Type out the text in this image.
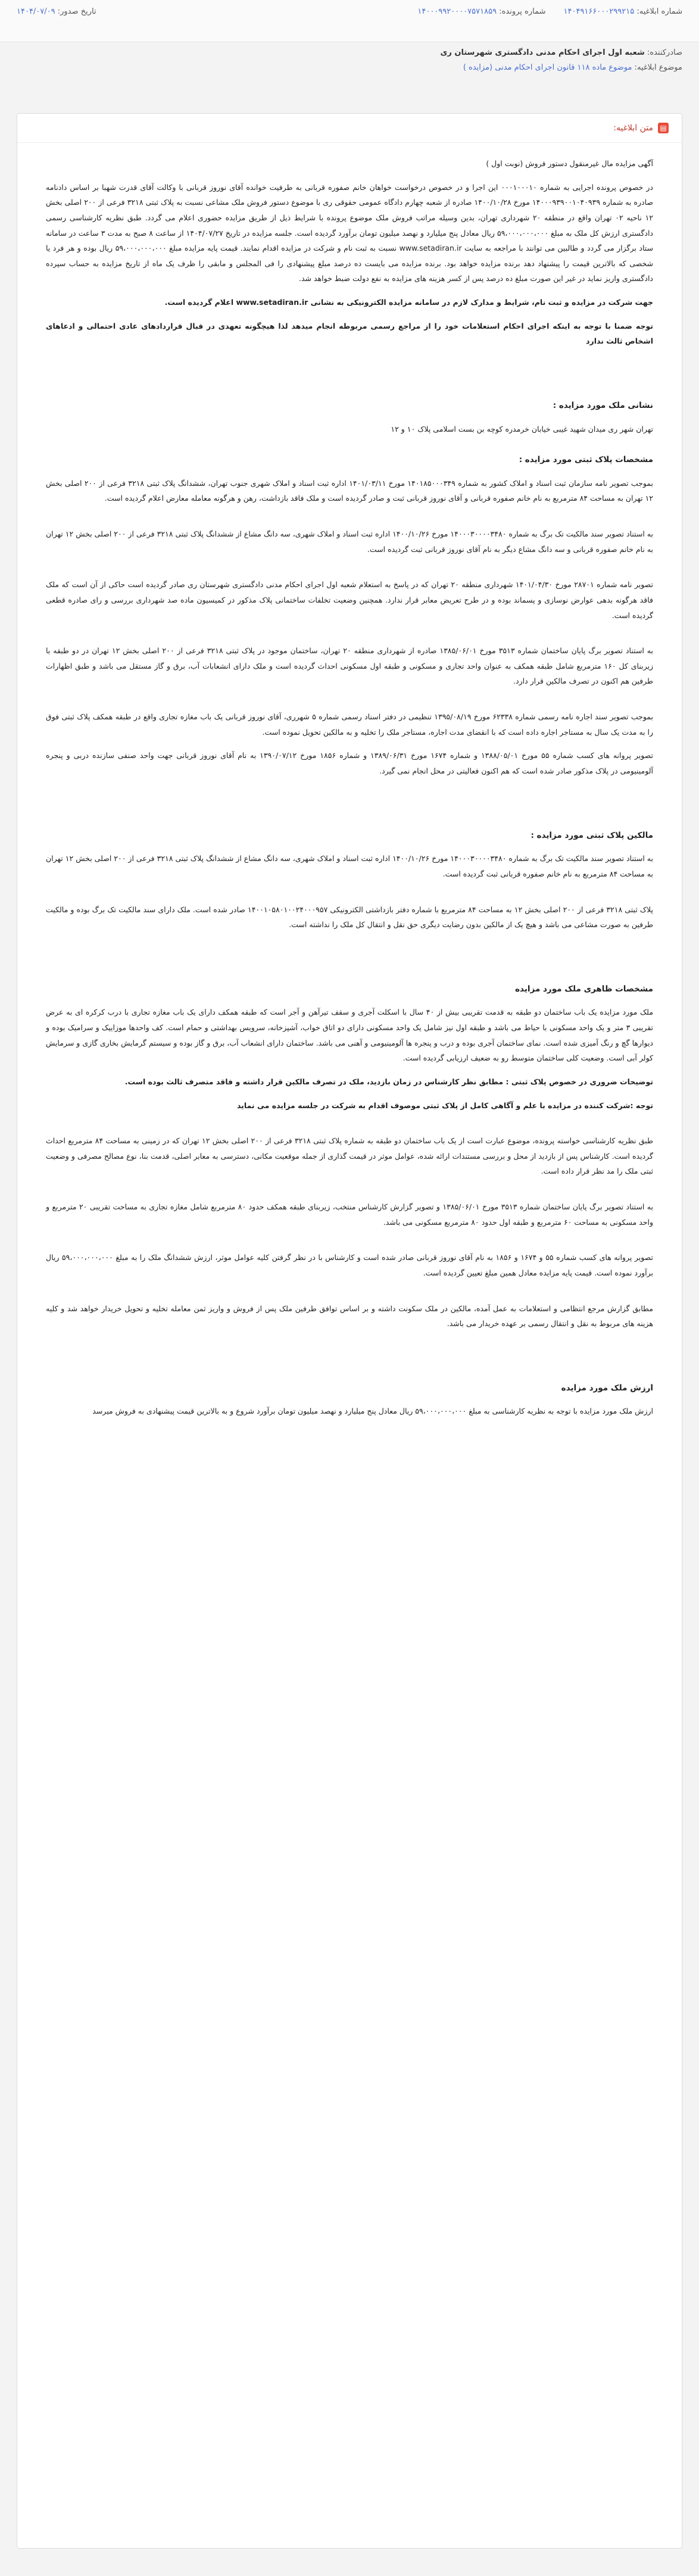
شماره ابلاغیه: ۱۴۰۴۹۱۶۶۰۰۰۲۹۹۲۱۵
شماره پرونده: ۱۴۰۰۰۹۹۲۰۰۰۰۷۵۷۱۸۵۹
تاریخ صدور: ۱۴۰۴/۰۷/۰۹
صادرکننده: شعبه اول اجرای احکام مدنی دادگستری شهرستان ری
موضوع ابلاغیه: موضوع ماده ۱۱۸ قانون اجرای احکام مدنی (مزایده )
▤
متن ابلاغیه:

آگهی مزایده مال غیرمنقول دستور فروش (نوبت اول )

در خصوص پرونده اجرایی به شماره ۰۰۰۱۰۰۰۱۰ این اجرا و در خصوص درخواست خواهان خانم صفوره قربانی به طرفیت خوانده آقای نوروز قربانی با وکالت آقای قدرت شهبا بر اساس دادنامه صادره به شماره ۱۴۰۰۰۹۳۹۰۰۱۰۴۰۹۳۹ مورخ ۱۴۰۰/۱۰/۲۸ صادره از شعبه چهارم دادگاه عمومی حقوقی ری با موضوع دستور فروش ملک مشاعی نسبت به پلاک ثبتی ۳۲۱۸ فرعی از ۲۰۰ اصلی بخش ۱۲ ناحیه ۰۲ تهران واقع در منطقه ۲۰ شهرداری تهران، بدین وسیله مراتب فروش ملک موضوع پرونده با شرایط ذیل از طریق مزایده حضوری اعلام می گردد. طبق نظریه کارشناسی رسمی دادگستری ارزش کل ملک به مبلغ ۵۹،۰۰۰،۰۰۰،۰۰۰ ریال معادل پنج میلیارد و نهصد میلیون تومان برآورد گردیده است. جلسه مزایده در تاریخ ۱۴۰۴/۰۷/۲۷ از ساعت ۸ صبح به مدت ۳ ساعت در سامانه ستاد برگزار می گردد و طالبین می توانند با مراجعه به سایت www.setadiran.ir نسبت به ثبت نام و شرکت در مزایده اقدام نمایند. قیمت پایه مزایده مبلغ ۵۹،۰۰۰،۰۰۰،۰۰۰ ریال بوده و هر فرد یا شخصی که بالاترین قیمت را پیشنهاد دهد برنده مزایده خواهد بود. برنده مزایده می بایست ده درصد مبلغ پیشنهادی را فی المجلس و مابقی را ظرف یک ماه از تاریخ مزایده به حساب سپرده دادگستری واریز نماید در غیر این صورت مبلغ ده درصد پس از کسر هزینه های مزایده به نفع دولت ضبط خواهد شد.

جهت شرکت در مزایده و ثبت نام، شرایط و مدارک لازم در سامانه مزایده الکترونیکی به نشانی www.setadiran.ir اعلام گردیده است.

توجه ضمنا با توجه به اینکه اجرای احکام استعلامات خود را از مراجع رسمی مربوطه انجام میدهد لذا هیچگونه تعهدی در قبال قراردادهای عادی احتمالی و ادعاهای اشخاص ثالث ندارد

نشانی ملک مورد مزایده :

تهران شهر ری میدان شهید غیبی خیابان خرمدره کوچه بن بست اسلامی پلاک ۱۰ و ۱۲

مشخصات پلاک ثبتی مورد مزایده :

بموجب تصویر نامه سازمان ثبت اسناد و املاک کشور به شماره ۱۴۰۱۸۵۰۰۰۳۴۹ مورخ ۱۴۰۱/۰۳/۱۱ اداره ثبت اسناد و املاک شهری جنوب تهران، ششدانگ پلاک ثبتی ۳۲۱۸ فرعی از ۲۰۰ اصلی بخش ۱۲ تهران به مساحت ۸۴ مترمربع به نام خانم صفوره قربانی و آقای نوروز قربانی ثبت و صادر گردیده است و ملک فاقد بازداشت، رهن و هرگونه معامله معارض اعلام گردیده است.

به استناد تصویر سند مالکیت تک برگ به شماره ۱۴۰۰۰۳۰۰۰۰۳۴۸۰ مورخ ۱۴۰۰/۱۰/۲۶ اداره ثبت اسناد و املاک شهری، سه دانگ مشاع از ششدانگ پلاک ثبتی ۳۲۱۸ فرعی از ۲۰۰ اصلی بخش ۱۲ تهران به نام خانم صفوره قربانی و سه دانگ مشاع دیگر به نام آقای نوروز قربانی ثبت گردیده است.

تصویر نامه شماره ۲۸۷۰۱ مورخ ۱۴۰۱/۰۴/۳۰ شهرداری منطقه ۲۰ تهران که در پاسخ به استعلام شعبه اول اجرای احکام مدنی دادگستری شهرستان ری صادر گردیده است حاکی از آن است که ملک فاقد هرگونه بدهی عوارض نوسازی و پسماند بوده و در طرح تعریض معابر قرار ندارد. همچنین وضعیت تخلفات ساختمانی پلاک مذکور در کمیسیون ماده صد شهرداری بررسی و رای صادره قطعی گردیده است.

به استناد تصویر برگ پایان ساختمان شماره ۳۵۱۳ مورخ ۱۳۸۵/۰۶/۰۱ صادره از شهرداری منطقه ۲۰ تهران، ساختمان موجود در پلاک ثبتی ۳۲۱۸ فرعی از ۲۰۰ اصلی بخش ۱۲ تهران در دو طبقه با زیربنای کل ۱۶۰ مترمربع شامل طبقه همکف به عنوان واحد تجاری و مسکونی و طبقه اول مسکونی احداث گردیده است و ملک دارای انشعابات آب، برق و گاز مستقل می باشد و طبق اظهارات طرفین هم اکنون در تصرف مالکین قرار دارد.

بموجب تصویر سند اجاره نامه رسمی شماره ۶۲۳۳۸ مورخ ۱۳۹۵/۰۸/۱۹ تنظیمی در دفتر اسناد رسمی شماره ۵ شهرری، آقای نوروز قربانی یک باب مغازه تجاری واقع در طبقه همکف پلاک ثبتی فوق را به مدت یک سال به مستاجر اجاره داده است که با انقضای مدت اجاره، مستاجر ملک را تخلیه و به مالکین تحویل نموده است.

تصویر پروانه های کسب شماره ۵۵ مورخ ۱۳۸۸/۰۵/۰۱ و شماره ۱۶۷۴ مورخ ۱۳۸۹/۰۶/۳۱ و شماره ۱۸۵۶ مورخ ۱۳۹۰/۰۷/۱۲ به نام آقای نوروز قربانی جهت واحد صنفی سازنده دربی و پنجره آلومینیومی در پلاک مذکور صادر شده است که هم اکنون فعالیتی در محل انجام نمی گیرد.

مالکین پلاک ثبتی مورد مزایده :

به استناد تصویر سند مالکیت تک برگ به شماره ۱۴۰۰۰۳۰۰۰۰۳۴۸۰ مورخ ۱۴۰۰/۱۰/۲۶ اداره ثبت اسناد و املاک شهری، سه دانگ مشاع از ششدانگ پلاک ثبتی ۳۲۱۸ فرعی از ۲۰۰ اصلی بخش ۱۲ تهران به مساحت ۸۴ مترمربع به نام خانم صفوره قربانی ثبت گردیده است.

پلاک ثبتی ۳۲۱۸ فرعی از ۲۰۰ اصلی بخش ۱۲ به مساحت ۸۴ مترمربع با شماره دفتر بازداشتی الکترونیکی ۱۴۰۰۱۰۵۸۰۱۰۰۲۴۰۰۰۹۵۷ صادر شده است. ملک دارای سند مالکیت تک برگ بوده و مالکیت طرفین به صورت مشاعی می باشد و هیچ یک از مالکین بدون رضایت دیگری حق نقل و انتقال کل ملک را نداشته است.

مشخصات ظاهری ملک مورد مزایده

ملک مورد مزایده یک باب ساختمان دو طبقه به قدمت تقریبی بیش از ۴۰ سال با اسکلت آجری و سقف تیرآهن و آجر است که طبقه همکف دارای یک باب مغازه تجاری با درب کرکره ای به عرض تقریبی ۳ متر و یک واحد مسکونی با حیاط می باشد و طبقه اول نیز شامل یک واحد مسکونی دارای دو اتاق خواب، آشپزخانه، سرویس بهداشتی و حمام است. کف واحدها موزاییک و سرامیک بوده و دیوارها گچ و رنگ آمیزی شده است. نمای ساختمان آجری بوده و درب و پنجره ها آلومینیومی و آهنی می باشد. ساختمان دارای انشعاب آب، برق و گاز بوده و سیستم گرمایش بخاری گازی و سرمایش کولر آبی است. وضعیت کلی ساختمان متوسط رو به ضعیف ارزیابی گردیده است.

توضیحات ضروری در خصوص پلاک ثبتی : مطابق نظر کارشناس در زمان بازدید، ملک در تصرف مالکین قرار داشته و فاقد متصرف ثالث بوده است.

توجه :شرکت کننده در مزایده با علم و آگاهی کامل از پلاک ثبتی موصوف اقدام به شرکت در جلسه مزایده می نماید

طبق نظریه کارشناسی خواسته پرونده، موضوع عبارت است از یک باب ساختمان دو طبقه به شماره پلاک ثبتی ۳۲۱۸ فرعی از ۲۰۰ اصلی بخش ۱۲ تهران که در زمینی به مساحت ۸۴ مترمربع احداث گردیده است. کارشناس پس از بازدید از محل و بررسی مستندات ارائه شده، عوامل موثر در قیمت گذاری از جمله موقعیت مکانی، دسترسی به معابر اصلی، قدمت بنا، نوع مصالح مصرفی و وضعیت ثبتی ملک را مد نظر قرار داده است.

به استناد تصویر برگ پایان ساختمان شماره ۳۵۱۳ مورخ ۱۳۸۵/۰۶/۰۱ و تصویر گزارش کارشناس منتخب، زیربنای طبقه همکف حدود ۸۰ مترمربع شامل مغازه تجاری به مساحت تقریبی ۲۰ مترمربع و واحد مسکونی به مساحت ۶۰ مترمربع و طبقه اول حدود ۸۰ مترمربع مسکونی می باشد.

تصویر پروانه های کسب شماره ۵۵ و ۱۶۷۴ و ۱۸۵۶ به نام آقای نوروز قربانی صادر شده است و کارشناس با در نظر گرفتن کلیه عوامل موثر، ارزش ششدانگ ملک را به مبلغ ۵۹،۰۰۰،۰۰۰،۰۰۰ ریال برآورد نموده است. قیمت پایه مزایده معادل همین مبلغ تعیین گردیده است.

مطابق گزارش مرجع انتظامی و استعلامات به عمل آمده، مالکین در ملک سکونت داشته و بر اساس توافق طرفین ملک پس از فروش و واریز ثمن معامله تخلیه و تحویل خریدار خواهد شد و کلیه هزینه های مربوط به نقل و انتقال رسمی بر عهده خریدار می باشد.

ارزش ملک مورد مزایده

ارزش ملک مورد مزایده با توجه به نظریه کارشناسی به مبلغ ۵۹،۰۰۰،۰۰۰،۰۰۰ ریال معادل پنج میلیارد و نهصد میلیون تومان برآورد شروع و به بالاترین قیمت پیشنهادی به فروش میرسد
